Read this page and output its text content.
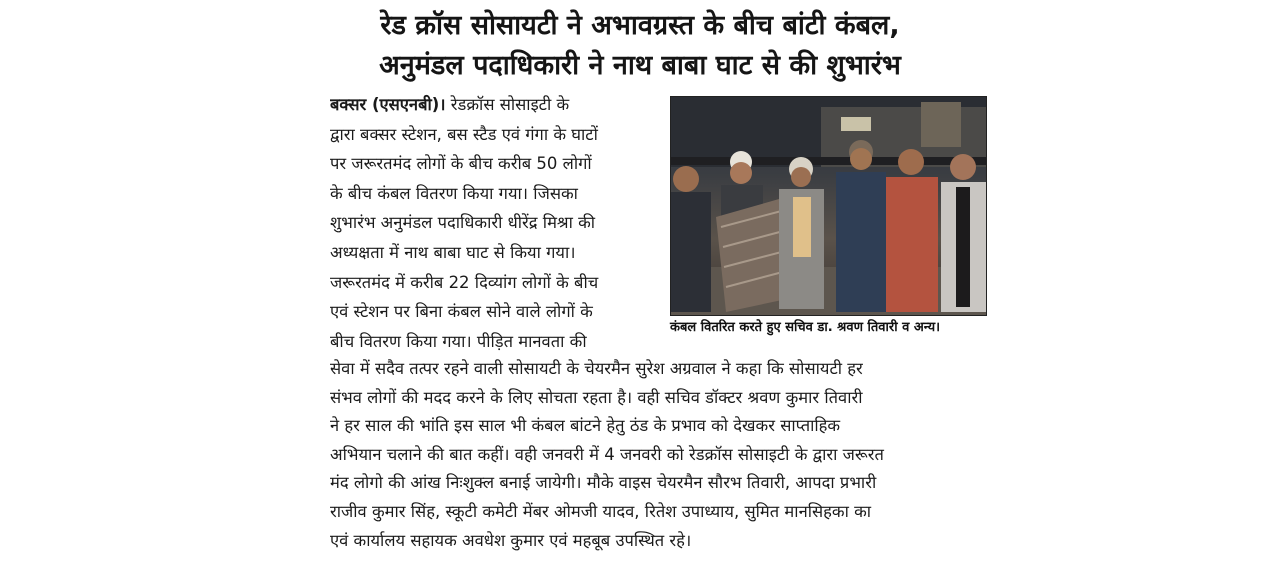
रेड क्रॉस सोसायटी ने अभावग्रस्त के बीच बांटी कंबल,
अनुमंडल पदाधिकारी ने नाथ बाबा घाट से की शुभारंभ
बक्सर (एसएनबी)। रेडक्रॉस सोसाइटी के
द्वारा बक्सर स्टेशन, बस स्टैड एवं गंगा के घाटों
पर जरूरतमंद लोगों के बीच करीब 50 लोगों
के बीच कंबल वितरण किया गया। जिसका
शुभारंभ अनुमंडल पदाधिकारी धीरेंद्र मिश्रा की
अध्यक्षता में नाथ बाबा घाट से किया गया।
जरूरतमंद में करीब 22 दिव्यांग लोगों के बीच
एवं स्टेशन पर बिना कंबल सोने वाले लोगों के
बीच वितरण किया गया। पीड़ित मानवता की
कंबल वितरित करते हुए सचिव डा. श्रवण तिवारी व अन्य।
सेवा में सदैव तत्पर रहने वाली सोसायटी के चेयरमैन सुरेश अग्रवाल ने कहा कि सोसायटी हर
संभव लोगों की मदद करने के लिए सोचता रहता है। वही सचिव डॉक्टर श्रवण कुमार तिवारी
ने हर साल की भांति इस साल भी कंबल बांटने हेतु ठंड के प्रभाव को देखकर साप्ताहिक
अभियान चलाने की बात कहीं। वही जनवरी में 4 जनवरी को रेडक्रॉस सोसाइटी के द्वारा जरूरत
मंद लोगो की आंख निःशुक्ल बनाई जायेगी। मौके वाइस चेयरमैन सौरभ तिवारी, आपदा प्रभारी
राजीव कुमार सिंह, स्कूटी कमेटी मेंबर ओमजी यादव, रितेश उपाध्याय, सुमित मानसिहका का
एवं कार्यालय सहायक अवधेश कुमार एवं महबूब उपस्थित रहे।
